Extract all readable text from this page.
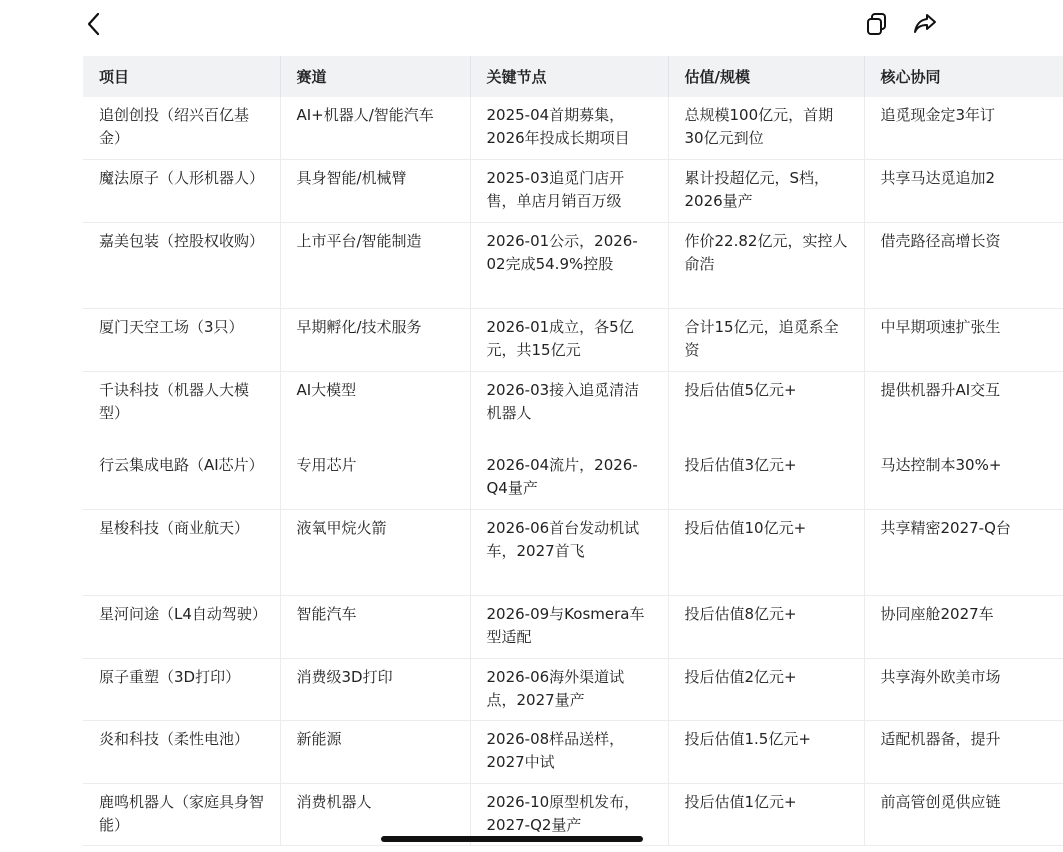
项目	赛道	关键节点	估值/规模	核心协同
追创创投（绍兴百亿基金）	AI+机器人/智能汽车	2025-04首期募集，2026年投成长期项目	总规模100亿元，首期30亿元到位	追觅现金定3年订
魔法原子（人形机器人）	具身智能/机械臂	2025-03追觅门店开售，单店月销百万级	累计投超亿元，S档，2026量产	共享马达觅追加2
嘉美包装（控股权收购）	上市平台/智能制造	2026-01公示，2026-02完成54.9%控股	作价22.82亿元，实控人俞浩	借壳路径高增长资
厦门天空工场（3只）	早期孵化/技术服务	2026-01成立，各5亿元，共15亿元	合计15亿元，追觅系全资	中早期项速扩张生
千诀科技（机器人大模型）	AI大模型	2026-03接入追觅清洁机器人	投后估值5亿元+	提供机器升AI交互
行云集成电路（AI芯片）	专用芯片	2026-04流片，2026-Q4量产	投后估值3亿元+	马达控制本30%+
星梭科技（商业航天）	液氧甲烷火箭	2026-06首台发动机试车，2027首飞	投后估值10亿元+	共享精密2027-Q台
星河问途（L4自动驾驶）	智能汽车	2026-09与Kosmera车型适配	投后估值8亿元+	协同座舱2027车
原子重塑（3D打印）	消费级3D打印	2026-06海外渠道试点，2027量产	投后估值2亿元+	共享海外欧美市场
炎和科技（柔性电池）	新能源	2026-08样品送样，2027中试	投后估值1.5亿元+	适配机器备，提升
鹿鸣机器人（家庭具身智能）	消费机器人	2026-10原型机发布，2027-Q2量产	投后估值1亿元+	前高管创觅供应链
